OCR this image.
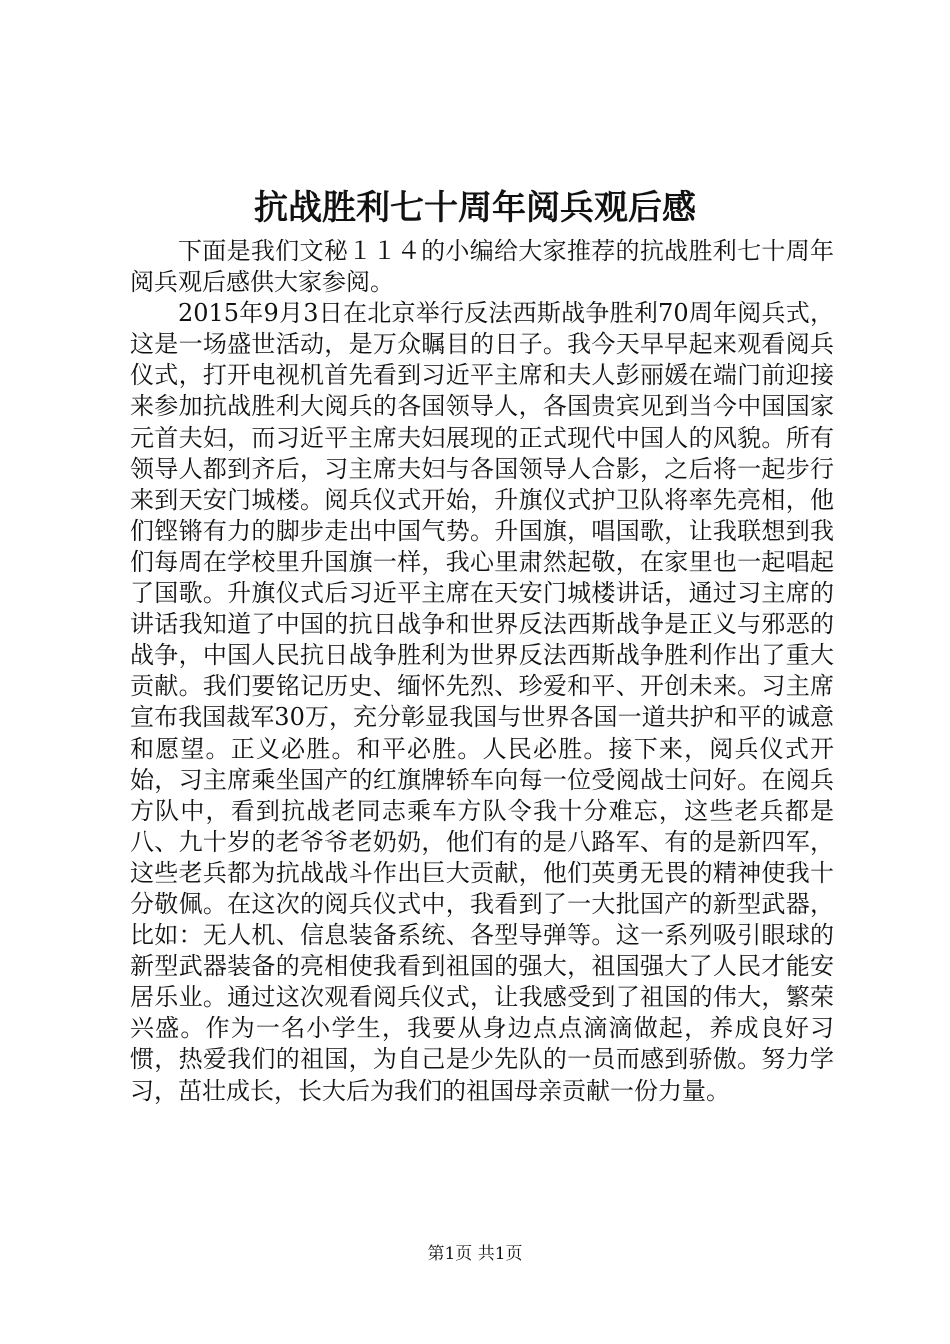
抗战胜利七十周年阅兵观后感

下面是我们文秘１１４的小编给大家推荐的抗战胜利七十周年阅兵观后感供大家参阅。

2015年9月3日在北京举行反法西斯战争胜利70周年阅兵式，这是一场盛世活动，是万众瞩目的日子。我今天早早起来观看阅兵仪式，打开电视机首先看到习近平主席和夫人彭丽媛在端门前迎接来参加抗战胜利大阅兵的各国领导人，各国贵宾见到当今中国国家元首夫妇，而习近平主席夫妇展现的正式现代中国人的风貌。所有领导人都到齐后，习主席夫妇与各国领导人合影，之后将一起步行来到天安门城楼。阅兵仪式开始，升旗仪式护卫队将率先亮相，他们铿锵有力的脚步走出中国气势。升国旗，唱国歌，让我联想到我们每周在学校里升国旗一样，我心里肃然起敬，在家里也一起唱起了国歌。升旗仪式后习近平主席在天安门城楼讲话，通过习主席的讲话我知道了中国的抗日战争和世界反法西斯战争是正义与邪恶的战争，中国人民抗日战争胜利为世界反法西斯战争胜利作出了重大贡献。我们要铭记历史、缅怀先烈、珍爱和平、开创未来。习主席宣布我国裁军30万，充分彰显我国与世界各国一道共护和平的诚意和愿望。正义必胜。和平必胜。人民必胜。接下来，阅兵仪式开始，习主席乘坐国产的红旗牌轿车向每一位受阅战士问好。在阅兵方队中，看到抗战老同志乘车方队令我十分难忘，这些老兵都是八、九十岁的老爷爷老奶奶，他们有的是八路军、有的是新四军，这些老兵都为抗战战斗作出巨大贡献，他们英勇无畏的精神使我十分敬佩。在这次的阅兵仪式中，我看到了一大批国产的新型武器，比如：无人机、信息装备系统、各型导弹等。这一系列吸引眼球的新型武器装备的亮相使我看到祖国的强大，祖国强大了人民才能安居乐业。通过这次观看阅兵仪式，让我感受到了祖国的伟大，繁荣兴盛。作为一名小学生，我要从身边点点滴滴做起，养成良好习惯，热爱我们的祖国，为自己是少先队的一员而感到骄傲。努力学习，茁壮成长，长大后为我们的祖国母亲贡献一份力量。

第1页 共1页
